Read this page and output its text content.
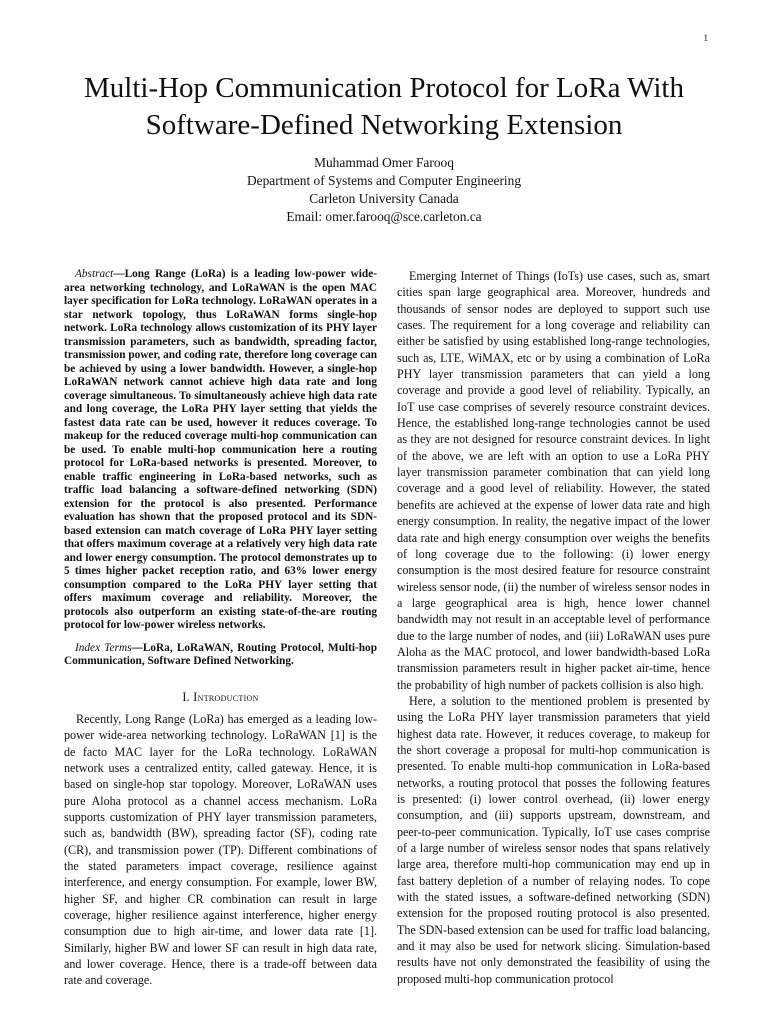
1
Multi-Hop Communication Protocol for LoRa With
Software-Defined Networking Extension
Muhammad Omer Farooq
Department of Systems and Computer Engineering
Carleton University Canada
Email: omer.farooq@sce.carleton.ca

Abstract—Long Range (LoRa) is a leading low-power wide-area networking technology, and LoRaWAN is the open MAC layer specification for LoRa technology. LoRaWAN operates in a star network topology, thus LoRaWAN forms single-hop network. LoRa technology allows customization of its PHY layer transmission parameters, such as bandwidth, spreading factor, transmission power, and coding rate, therefore long coverage can be achieved by using a lower bandwidth. However, a single-hop LoRaWAN network cannot achieve high data rate and long coverage simultaneous. To simultaneously achieve high data rate and long coverage, the LoRa PHY layer setting that yields the fastest data rate can be used, however it reduces coverage. To makeup for the reduced coverage multi-hop communication can be used. To enable multi-hop communication here a routing protocol for LoRa-based networks is presented. Moreover, to enable traffic engineering in LoRa-based networks, such as traffic load balancing a software-defined networking (SDN) extension for the protocol is also presented. Performance evaluation has shown that the proposed protocol and its SDN-based extension can match coverage of LoRa PHY layer setting that offers maximum coverage at a relatively very high data rate and lower energy consumption. The protocol demonstrates up to 5 times higher packet reception ratio, and 63% lower energy consumption compared to the LoRa PHY layer setting that offers maximum coverage and reliability. Moreover, the protocols also outperform an existing state-of-the-are routing protocol for low-power wireless networks.

Index Terms—LoRa, LoRaWAN, Routing Protocol, Multi-hop Communication, Software Defined Networking.

I. Introduction

Recently, Long Range (LoRa) has emerged as a leading low-power wide-area networking technology. LoRaWAN [1] is the de facto MAC layer for the LoRa technology. LoRaWAN network uses a centralized entity, called gateway. Hence, it is based on single-hop star topology. Moreover, LoRaWAN uses pure Aloha protocol as a channel access mechanism. LoRa supports customization of PHY layer transmission parameters, such as, bandwidth (BW), spreading factor (SF), coding rate (CR), and transmission power (TP). Different combinations of the stated parameters impact coverage, resilience against interference, and energy consumption. For example, lower BW, higher SF, and higher CR combination can result in large coverage, higher resilience against interference, higher energy consumption due to high air-time, and lower data rate [1]. Similarly, higher BW and lower SF can result in high data rate, and lower coverage. Hence, there is a trade-off between data rate and coverage.

Emerging Internet of Things (IoTs) use cases, such as, smart cities span large geographical area. Moreover, hundreds and thousands of sensor nodes are deployed to support such use cases. The requirement for a long coverage and reliability can either be satisfied by using established long-range technologies, such as, LTE, WiMAX, etc or by using a combination of LoRa PHY layer transmission parameters that can yield a long coverage and provide a good level of reliability. Typically, an IoT use case comprises of severely resource constraint devices. Hence, the established long-range technologies cannot be used as they are not designed for resource constraint devices. In light of the above, we are left with an option to use a LoRa PHY layer transmission parameter combination that can yield long coverage and a good level of reliability. However, the stated benefits are achieved at the expense of lower data rate and high energy consumption. In reality, the negative impact of the lower data rate and high energy consumption over weighs the benefits of long coverage due to the following: (i) lower energy consumption is the most desired feature for resource constraint wireless sensor node, (ii) the number of wireless sensor nodes in a large geographical area is high, hence lower channel bandwidth may not result in an acceptable level of performance due to the large number of nodes, and (iii) LoRaWAN uses pure Aloha as the MAC protocol, and lower bandwidth-based LoRa transmission parameters result in higher packet air-time, hence the probability of high number of packets collision is also high.

Here, a solution to the mentioned problem is presented by using the LoRa PHY layer transmission parameters that yield highest data rate. However, it reduces coverage, to makeup for the short coverage a proposal for multi-hop communication is presented. To enable multi-hop communication in LoRa-based networks, a routing protocol that posses the following features is presented: (i) lower control overhead, (ii) lower energy consumption, and (iii) supports upstream, downstream, and peer-to-peer communication. Typically, IoT use cases comprise of a large number of wireless sensor nodes that spans relatively large area, therefore multi-hop communication may end up in fast battery depletion of a number of relaying nodes. To cope with the stated issues, a software-defined networking (SDN) extension for the proposed routing protocol is also presented. The SDN-based extension can be used for traffic load balancing, and it may also be used for network slicing. Simulation-based results have not only demonstrated the feasibility of using the proposed multi-hop communication protocol
